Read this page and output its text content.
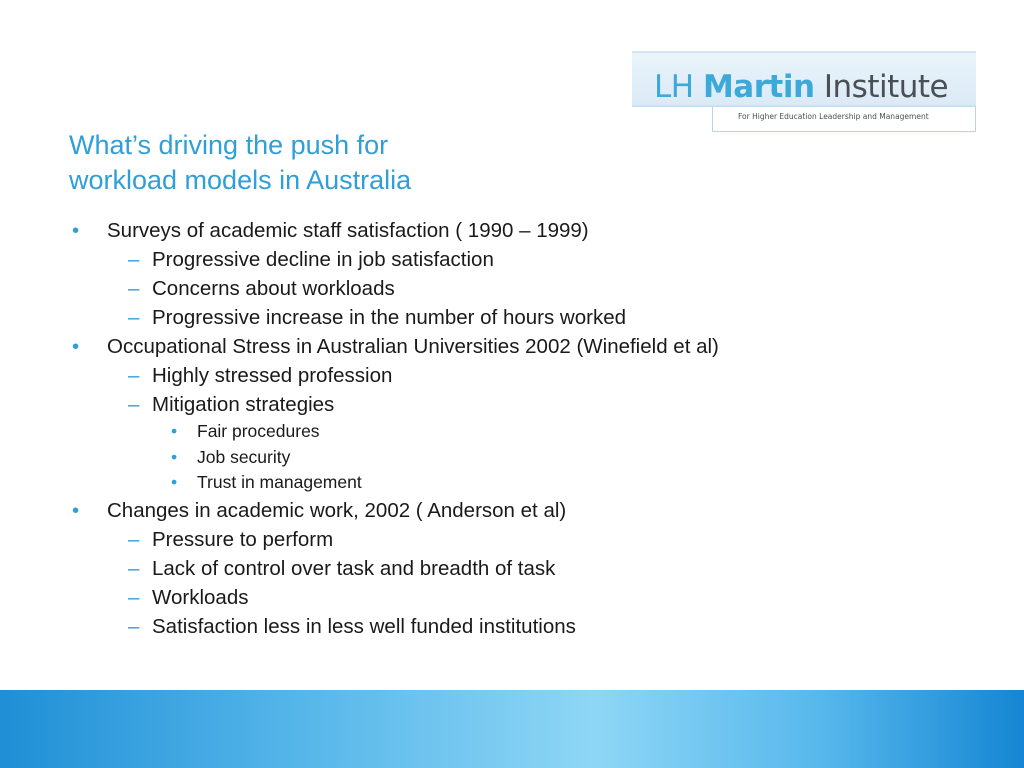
LH Martin Institute
For Higher Education Leadership and Management
What’s driving the push for
workload models in Australia
• Surveys of academic staff satisfaction ( 1990 – 1999)
– Progressive decline in job satisfaction
– Concerns about workloads
– Progressive increase in the number of hours worked
• Occupational Stress in Australian Universities 2002 (Winefield et al)
– Highly stressed profession
– Mitigation strategies
• Fair procedures
• Job security
• Trust in management
• Changes in academic work, 2002 ( Anderson et al)
– Pressure to perform
– Lack of control over task and breadth of task
– Workloads
– Satisfaction less in less well funded institutions
